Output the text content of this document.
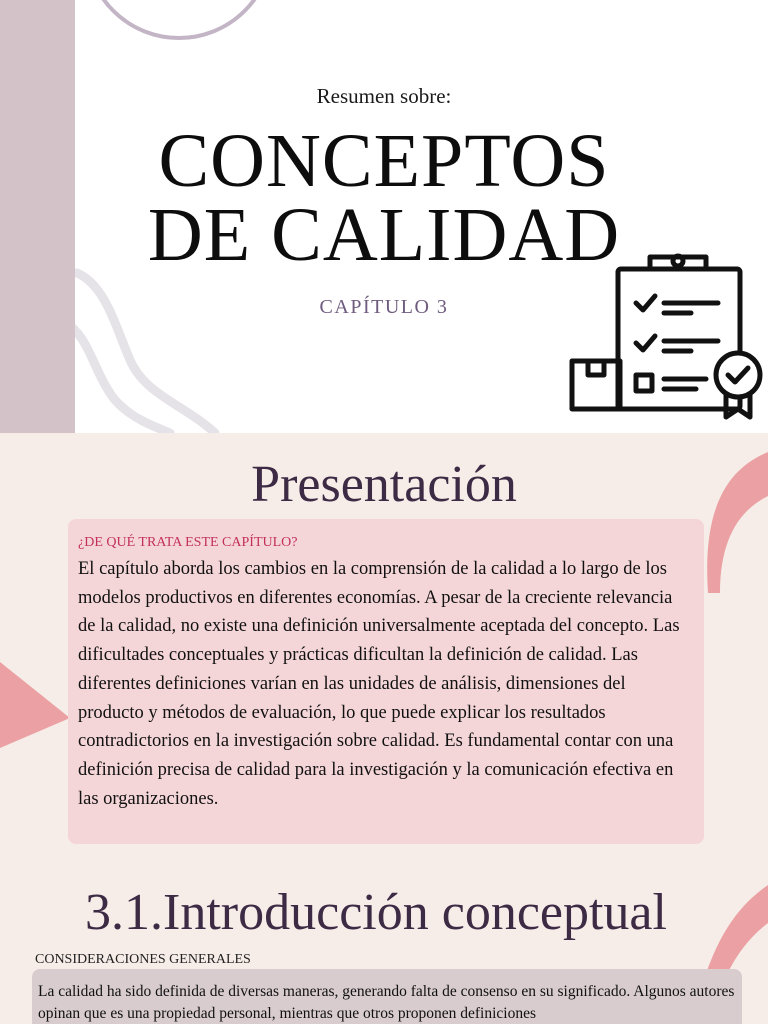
Resumen sobre:
CONCEPTOS
DE CALIDAD
CAPÍTULO 3
Presentación
¿DE QUÉ TRATA ESTE CAPÍTULO?
El capítulo aborda los cambios en la comprensión de la calidad a lo largo de los modelos productivos en diferentes economías. A pesar de la creciente relevancia de la calidad, no existe una definición universalmente aceptada del concepto. Las dificultades conceptuales y prácticas dificultan la definición de calidad. Las diferentes definiciones varían en las unidades de análisis, dimensiones del producto y métodos de evaluación, lo que puede explicar los resultados contradictorios en la investigación sobre calidad. Es fundamental contar con una definición precisa de calidad para la investigación y la comunicación efectiva en las organizaciones.
3.1.Introducción conceptual
CONSIDERACIONES GENERALES
La calidad ha sido definida de diversas maneras, generando falta de consenso en su significado. Algunos autores opinan que es una propiedad personal, mientras que otros proponen definiciones
